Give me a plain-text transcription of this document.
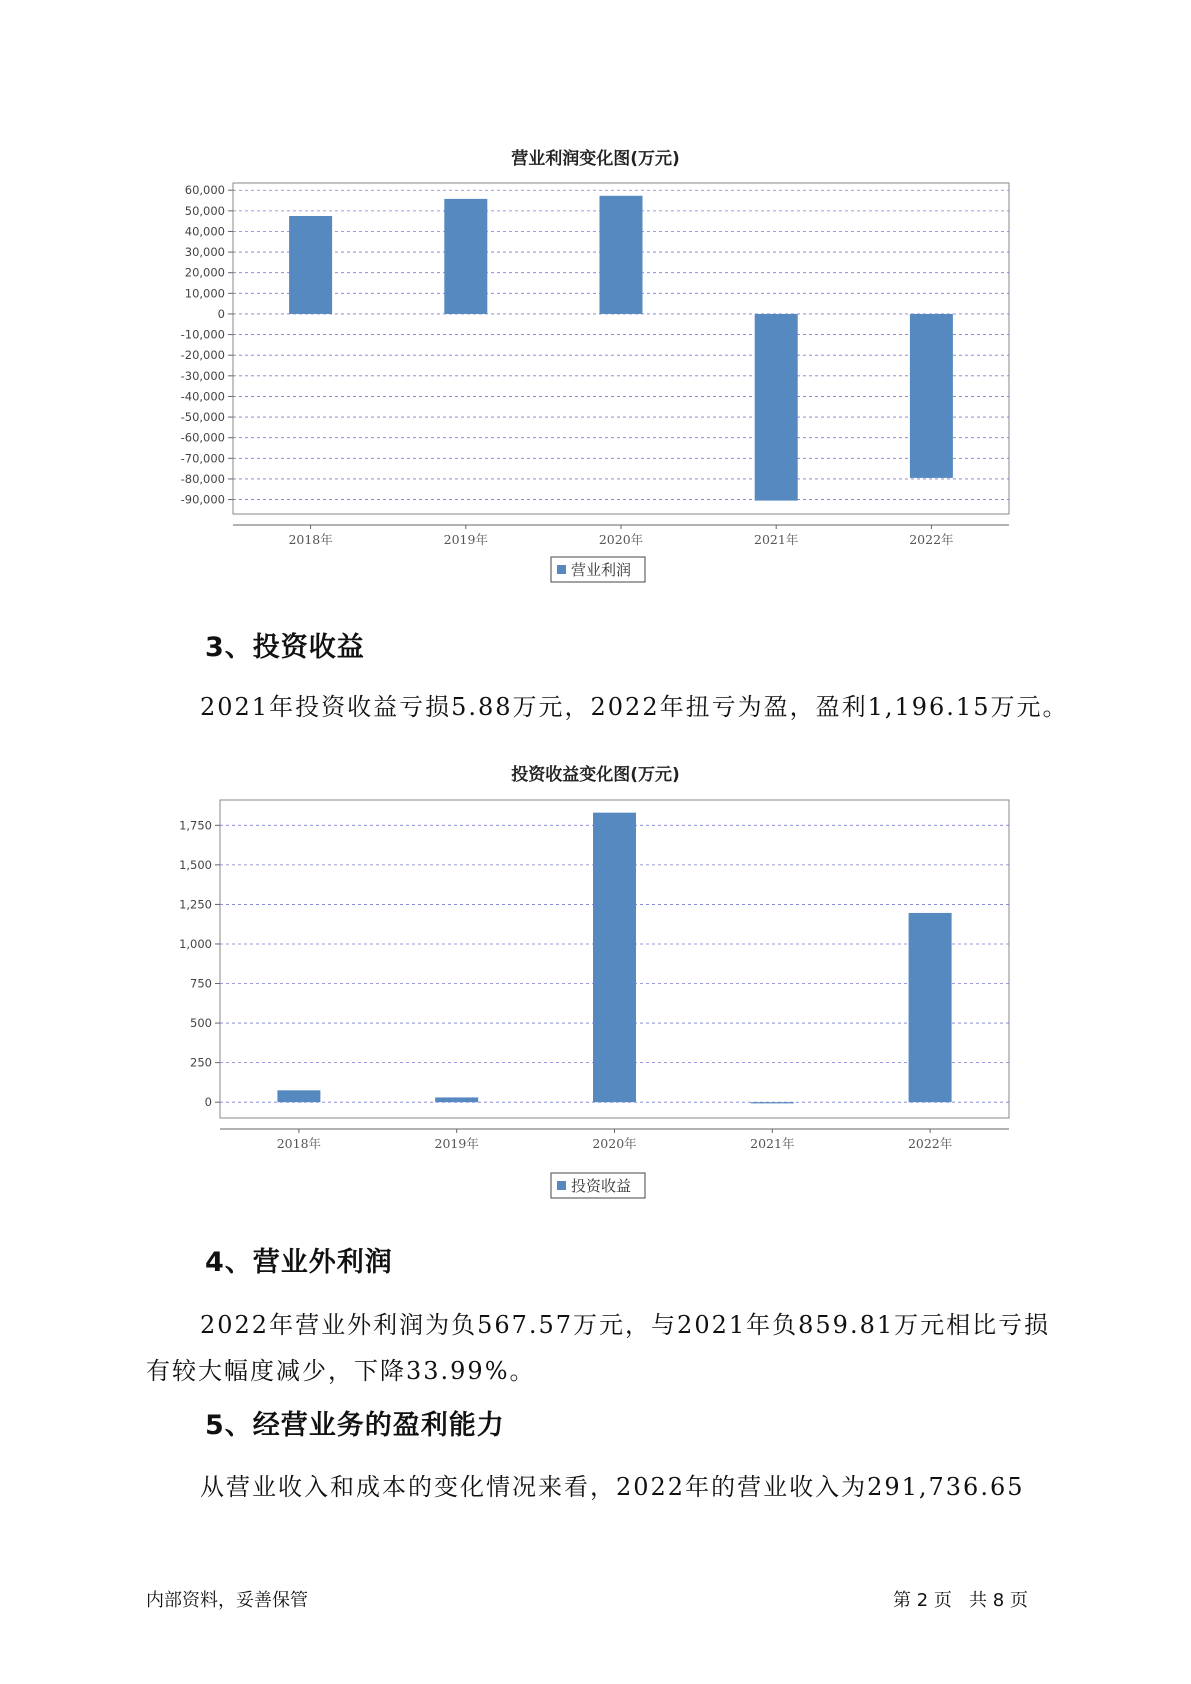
营业利润变化图(万元)
60,000
50,000
40,000
30,000
20,000
10,000
0
-10,000
-20,000
-30,000
-40,000
-50,000
-60,000
-70,000
-80,000
-90,000
2018年	2019年	2020年	2021年	2022年
营业利润
3、投资收益
2021年投资收益亏损5.88万元，2022年扭亏为盈，盈利1,196.15万元。
投资收益变化图(万元)
1,750
1,500
1,250
1,000
750
500
250
0
2018年	2019年	2020年	2021年	2022年
投资收益
4、营业外利润
2022年营业外利润为负567.57万元，与2021年负859.81万元相比亏损
有较大幅度减少，下降33.99%。
5、经营业务的盈利能力
从营业收入和成本的变化情况来看，2022年的营业收入为291,736.65
内部资料，妥善保管	第 2 页   共 8 页
